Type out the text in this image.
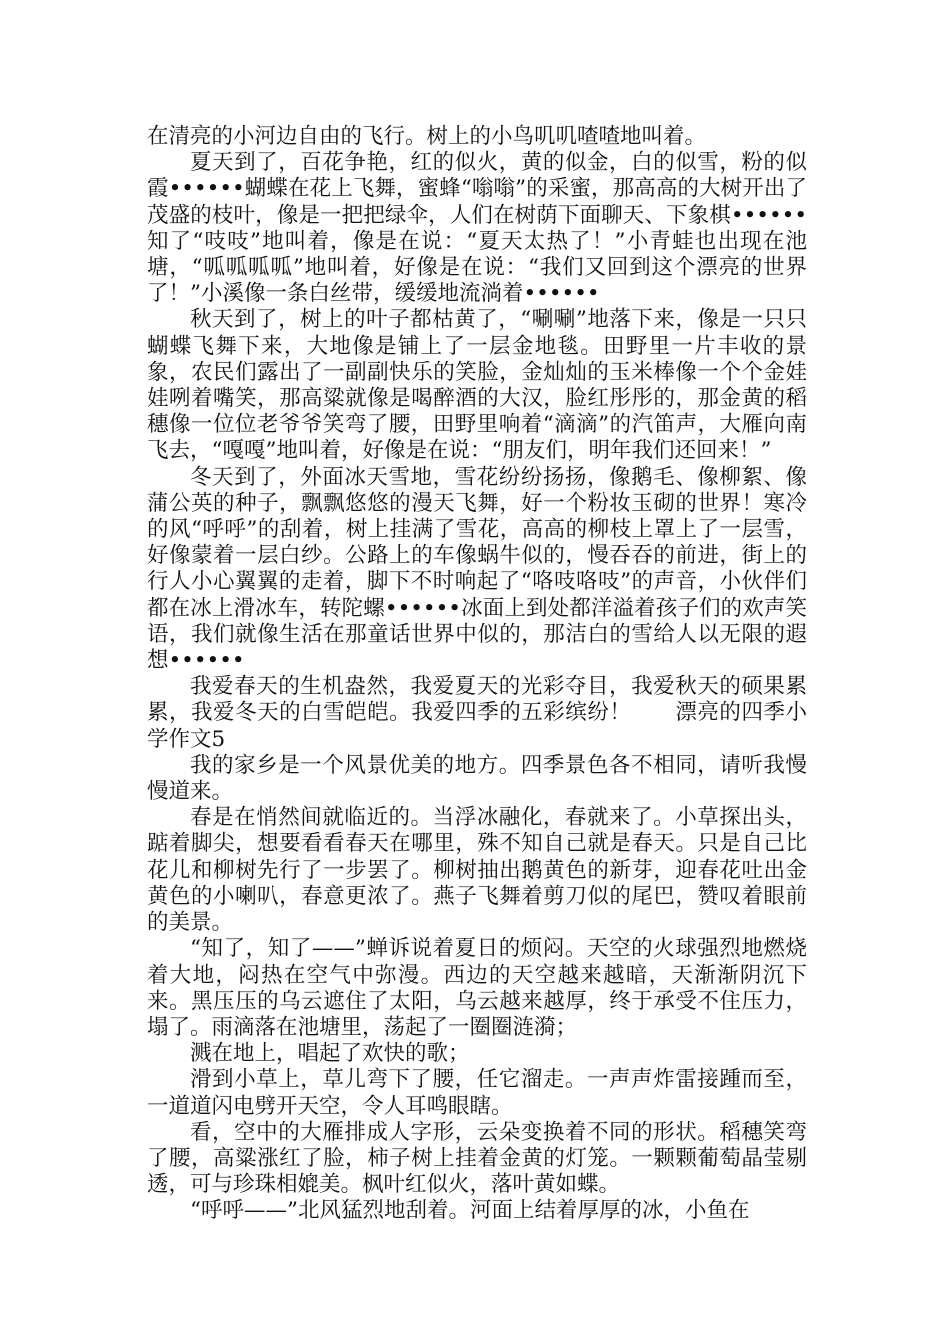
在清亮的小河边自由的飞行。树上的小鸟叽叽喳喳地叫着。

夏天到了，百花争艳，红的似火，黄的似金，白的似雪，粉的似霞••••••蝴蝶在花上飞舞，蜜蜂“嗡嗡”的采蜜，那高高的大树开出了茂盛的枝叶，像是一把把绿伞，人们在树荫下面聊天、下象棋••••••知了“吱吱”地叫着，像是在说：“夏天太热了！”小青蛙也出现在池塘，“呱呱呱呱”地叫着，好像是在说：“我们又回到这个漂亮的世界了！”小溪像一条白丝带，缓缓地流淌着••••••

秋天到了，树上的叶子都枯黄了，“唰唰”地落下来，像是一只只蝴蝶飞舞下来，大地像是铺上了一层金地毯。田野里一片丰收的景象，农民们露出了一副副快乐的笑脸，金灿灿的玉米棒像一个个金娃娃咧着嘴笑，那高粱就像是喝醉酒的大汉，脸红彤彤的，那金黄的稻穗像一位位老爷爷笑弯了腰，田野里响着“滴滴”的汽笛声，大雁向南飞去，“嘎嘎”地叫着，好像是在说：“朋友们，明年我们还回来！”

冬天到了，外面冰天雪地，雪花纷纷扬扬，像鹅毛、像柳絮、像蒲公英的种子，飘飘悠悠的漫天飞舞，好一个粉妆玉砌的世界！寒冷的风“呼呼”的刮着，树上挂满了雪花，高高的柳枝上罩上了一层雪，好像蒙着一层白纱。公路上的车像蜗牛似的，慢吞吞的前进，街上的行人小心翼翼的走着，脚下不时响起了“咯吱咯吱”的声音，小伙伴们都在冰上滑冰车，转陀螺••••••冰面上到处都洋溢着孩子们的欢声笑语，我们就像生活在那童话世界中似的，那洁白的雪给人以无限的遐想••••••

我爱春天的生机盎然，我爱夏天的光彩夺目，我爱秋天的硕果累累，我爱冬天的白雪皑皑。我爱四季的五彩缤纷！　　漂亮的四季小学作文5

我的家乡是一个风景优美的地方。四季景色各不相同，请听我慢慢道来。

春是在悄然间就临近的。当浮冰融化，春就来了。小草探出头，踮着脚尖，想要看看春天在哪里，殊不知自己就是春天。只是自己比花儿和柳树先行了一步罢了。柳树抽出鹅黄色的新芽，迎春花吐出金黄色的小喇叭，春意更浓了。燕子飞舞着剪刀似的尾巴，赞叹着眼前的美景。

“知了，知了——”蝉诉说着夏日的烦闷。天空的火球强烈地燃烧着大地，闷热在空气中弥漫。西边的天空越来越暗，天渐渐阴沉下来。黑压压的乌云遮住了太阳，乌云越来越厚，终于承受不住压力，塌了。雨滴落在池塘里，荡起了一圈圈涟漪；

溅在地上，唱起了欢快的歌；

滑到小草上，草儿弯下了腰，任它溜走。一声声炸雷接踵而至，一道道闪电劈开天空，令人耳鸣眼瞎。

看，空中的大雁排成人字形，云朵变换着不同的形状。稻穗笑弯了腰，高粱涨红了脸，柿子树上挂着金黄的灯笼。一颗颗葡萄晶莹剔透，可与珍珠相媲美。枫叶红似火，落叶黄如蝶。

“呼呼——”北风猛烈地刮着。河面上结着厚厚的冰，小鱼在
